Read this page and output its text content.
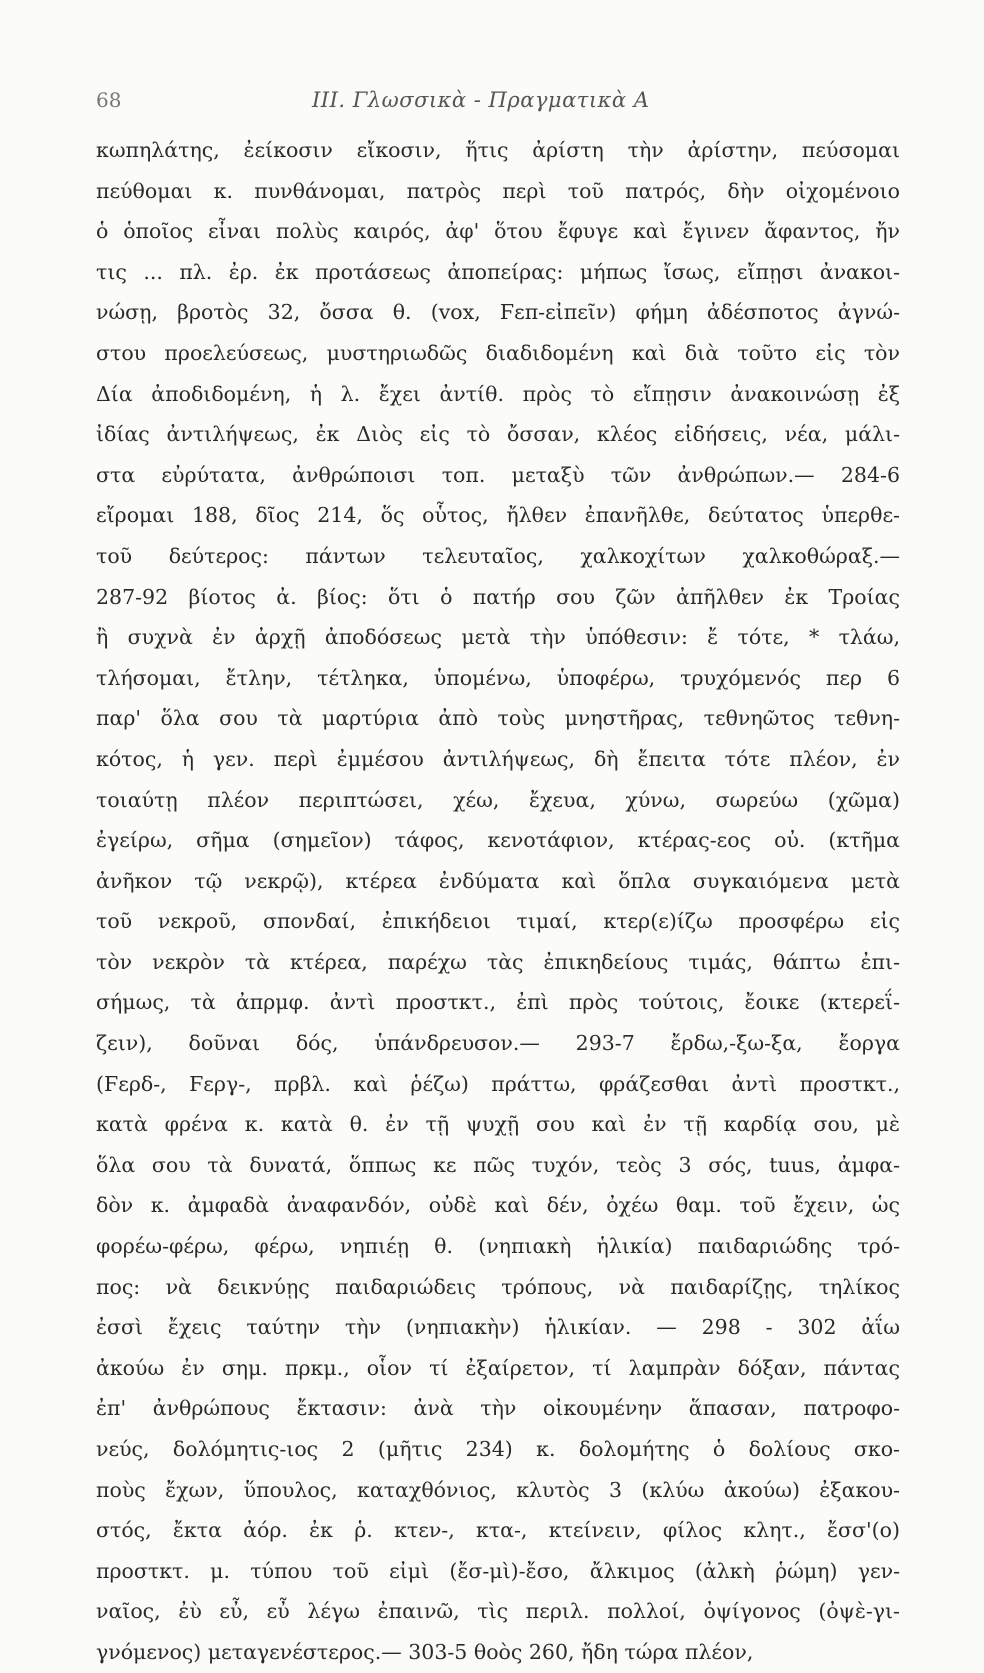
68	III. Γλωσσικὰ - Πραγματικὰ Α
κωπηλάτης, ἐείκοσιν εἴκοσιν, ἥτις ἀρίστη τὴν ἀρίστην, πεύσομαι
πεύθομαι κ. πυνθάνομαι, πατρὸς περὶ τοῦ πατρός, δὴν οἰχομένοιο
ὁ ὁποῖος εἶναι πολὺς καιρός, ἀφ' ὅτου ἔφυγε καὶ ἔγινεν ἄφαντος, ἤν
τις ... πλ. ἐρ. ἐκ προτάσεως ἀποπείρας: μήπως ἴσως, εἴπῃσι ἀνακοι-
νώσῃ, βροτὸς 32, ὄσσα θ. (vox, Ϝεπ-εἰπεῖν) φήμη ἀδέσποτος ἀγνώ-
στου προελεύσεως, μυστηριωδῶς διαδιδομένη καὶ διὰ τοῦτο εἰς τὸν
Δία ἀποδιδομένη, ἡ λ. ἔχει ἀντίθ. πρὸς τὸ εἴπῃσιν ἀνακοινώσῃ ἐξ
ἰδίας ἀντιλήψεως, ἐκ Διὸς εἰς τὸ ὄσσαν, κλέος εἰδήσεις, νέα, μάλι-
στα εὐρύτατα, ἀνθρώποισι τοπ. μεταξὺ τῶν ἀνθρώπων.— 284-6
εἴρομαι 188, δῖος 214, ὅς οὗτος, ἤλθεν ἐπανῆλθε, δεύτατος ὑπερθε-
τοῦ δεύτερος: πάντων τελευταῖος, χαλκοχίτων χαλκοθώραξ.—
287-92 βίοτος ἀ. βίος: ὅτι ὁ πατήρ σου ζῶν ἀπῆλθεν ἐκ Τροίας
ἢ συχνὰ ἐν ἀρχῇ ἀποδόσεως μετὰ τὴν ὑπόθεσιν: ἔ τότε, * τλάω,
τλήσομαι, ἔτλην, τέτληκα, ὑπομένω, ὑποφέρω, τρυχόμενός περ 6
παρ' ὅλα σου τὰ μαρτύρια ἀπὸ τοὺς μνηστῆρας, τεθνηῶτος τεθνη-
κότος, ἡ γεν. περὶ ἐμμέσου ἀντιλήψεως, δὴ ἔπειτα τότε πλέον, ἐν
τοιαύτῃ πλέον περιπτώσει, χέω, ἔχευα, χύνω, σωρεύω (χῶμα)
ἐγείρω, σῆμα (σημεῖον) τάφος, κενοτάφιον, κτέρας-εος οὐ. (κτῆμα
ἀνῆκον τῷ νεκρῷ), κτέρεα ἐνδύματα καὶ ὅπλα συγκαιόμενα μετὰ
τοῦ νεκροῦ, σπονδαί, ἐπικήδειοι τιμαί, κτερ(ε)ίζω προσφέρω εἰς
τὸν νεκρὸν τὰ κτέρεα, παρέχω τὰς ἐπικηδείους τιμάς, θάπτω ἐπι-
σήμως, τὰ ἀπρμφ. ἀντὶ προστκτ., ἐπὶ πρὸς τούτοις, ἔοικε (κτερεΐ-
ζειν), δοῦναι δός, ὑπάνδρευσον.— 293-7 ἔρδω,-ξω-ξα, ἔοργα
(Ϝερδ-, Ϝεργ-, πρβλ. καὶ ῥέζω) πράττω, φράζεσθαι ἀντὶ προστκτ.,
κατὰ φρένα κ. κατὰ θ. ἐν τῇ ψυχῇ σου καὶ ἐν τῇ καρδίᾳ σου, μὲ
ὅλα σου τὰ δυνατά, ὅππως κε πῶς τυχόν, τεὸς 3 σός, tuus, ἀμφα-
δὸν κ. ἀμφαδὰ ἀναφανδόν, οὐδὲ καὶ δέν, ὀχέω θαμ. τοῦ ἔχειν, ὡς
φορέω-φέρω, φέρω, νηπιέῃ θ. (νηπιακὴ ἡλικία) παιδαριώδης τρό-
πος: νὰ δεικνύῃς παιδαριώδεις τρόπους, νὰ παιδαρίζῃς, τηλίκος
ἐσσὶ ἔχεις ταύτην τὴν (νηπιακὴν) ἡλικίαν. — 298 - 302 ἀΐω
ἀκούω ἐν σημ. πρκμ., οἷον τί ἐξαίρετον, τί λαμπρὰν δόξαν, πάντας
ἐπ' ἀνθρώπους ἔκτασιν: ἀνὰ τὴν οἰκουμένην ἅπασαν, πατροφο-
νεύς, δολόμητις-ιος 2 (μῆτις 234) κ. δολομήτης ὁ δολίους σκο-
ποὺς ἔχων, ὕπουλος, καταχθόνιος, κλυτὸς 3 (κλύω ἀκούω) ἐξακου-
στός, ἔκτα ἀόρ. ἐκ ῥ. κτεν-, κτα-, κτείνειν, φίλος κλητ., ἔσσ'(ο)
προστκτ. μ. τύπου τοῦ εἰμὶ (ἔσ-μὶ)-ἔσο, ἄλκιμος (ἀλκὴ ῥώμη) γεν-
ναῖος, ἐὺ εὖ, εὖ λέγω ἐπαινῶ, τὶς περιλ. πολλοί, ὀψίγονος (ὀψὲ-γι-
γνόμενος) μεταγενέστερος.— 303-5 θοὸς 260, ἤδη τώρα πλέον,
